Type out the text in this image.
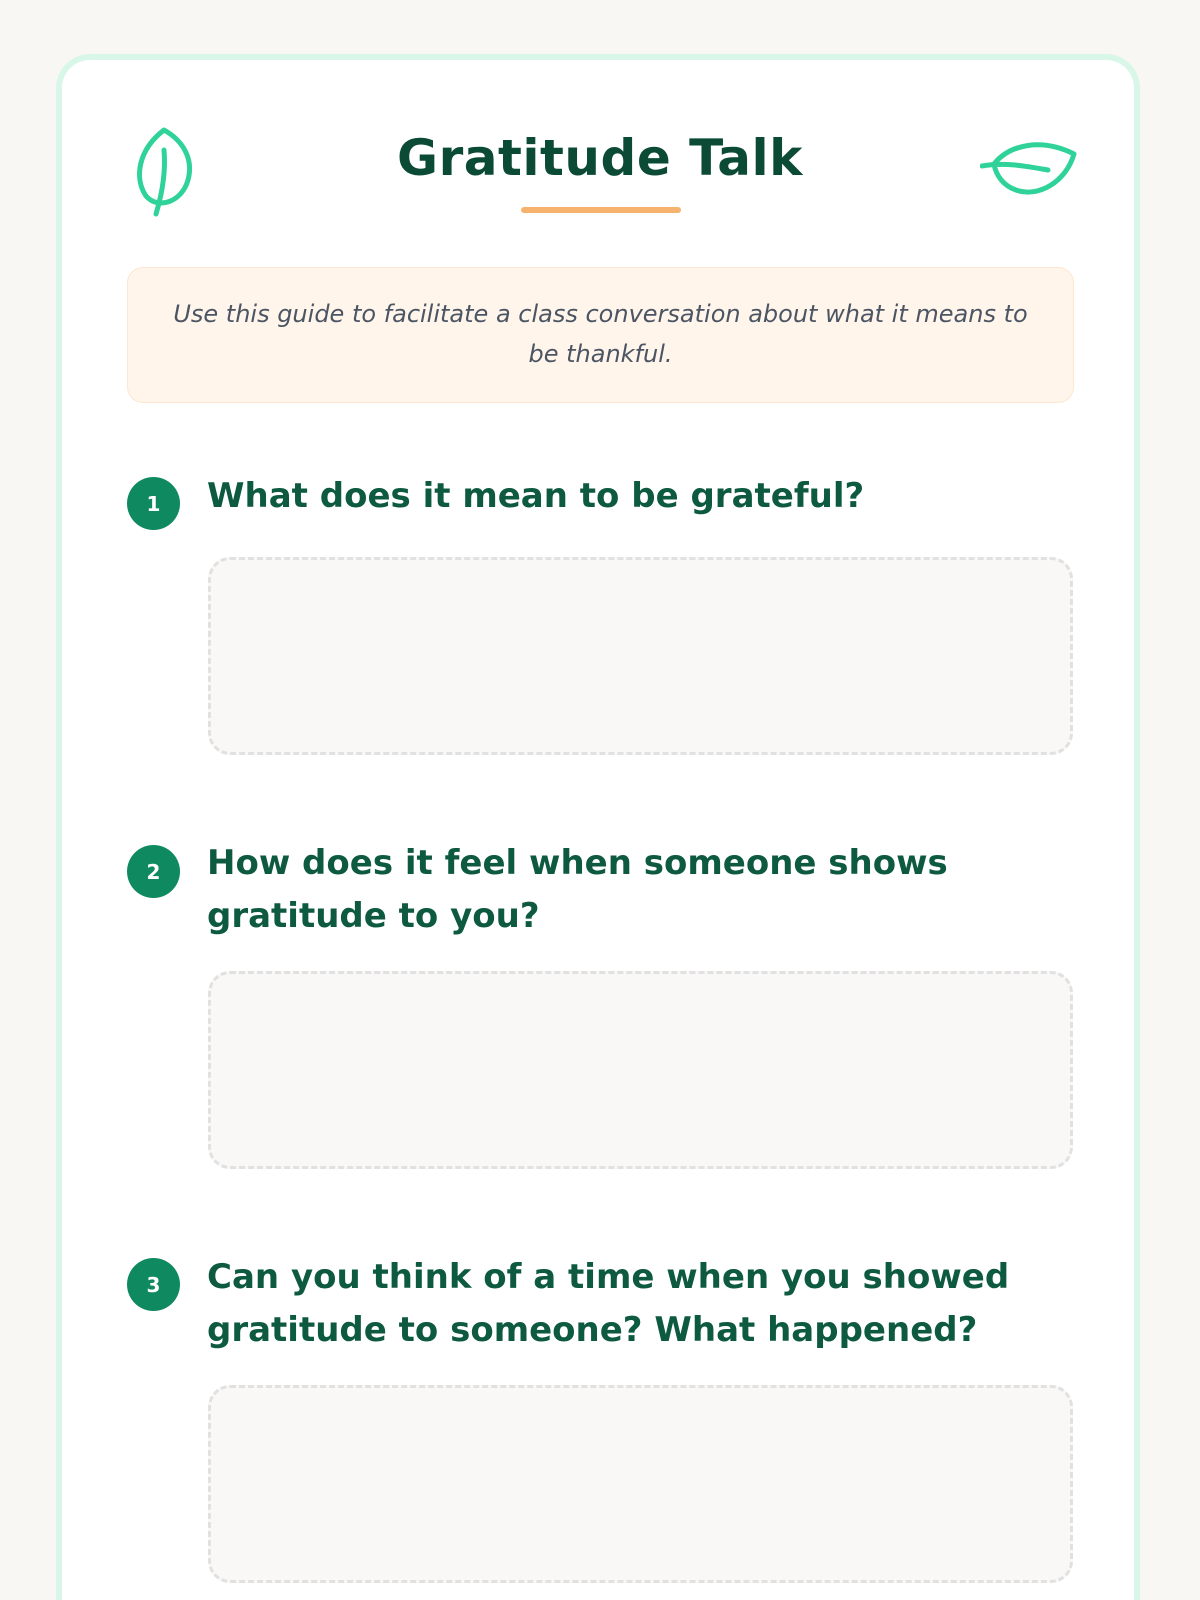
Gratitude Talk
Use this guide to facilitate a class conversation about what it means to be thankful.
1	What does it mean to be grateful?

2	How does it feel when someone shows gratitude to you?

3	Can you think of a time when you showed gratitude to someone? What happened?
